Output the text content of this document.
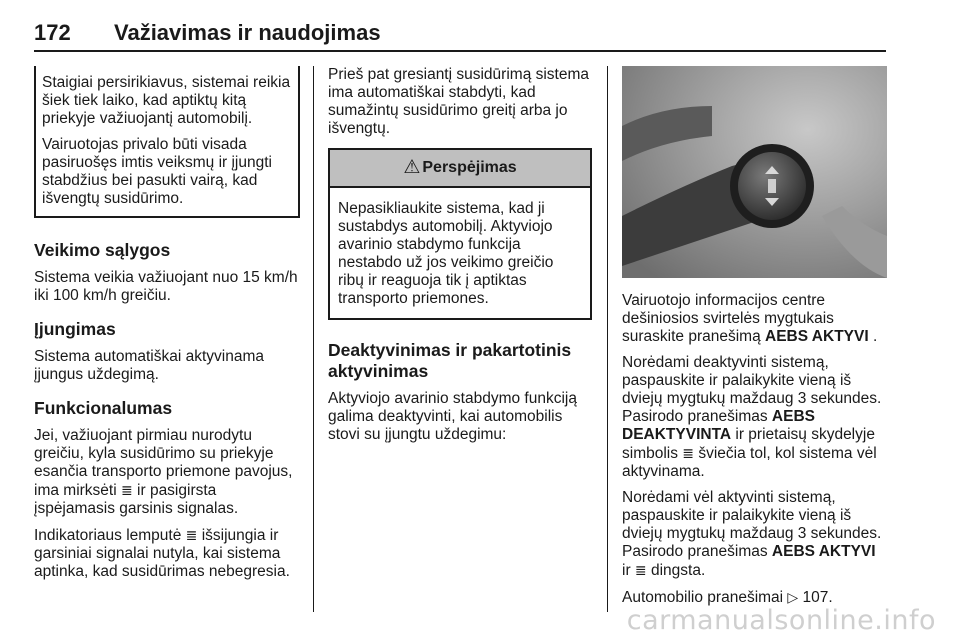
172 Važiavimas ir naudojimas

Staigiai persirikiavus, sistemai reikia šiek tiek laiko, kad aptiktų kitą priekyje važiuojantį automobilį.

Vairuotojas privalo būti visada pasiruošęs imtis veiksmų ir įjungti stabdžius bei pasukti vairą, kad išvengtų susidūrimo.

Veikimo sąlygos

Sistema veikia važiuojant nuo 15 km/h iki 100 km/h greičiu.

Įjungimas

Sistema automatiškai aktyvinama įjungus uždegimą.

Funkcionalumas

Jei, važiuojant pirmiau nurodytu greičiu, kyla susidūrimo su priekyje esančia transporto priemone pavojus, ima mirksėti ≣ ir pasigirsta įspėjamasis garsinis signalas.

Indikatoriaus lemputė ≣ išsijungia ir garsiniai signalai nutyla, kai sistema aptinka, kad susidūrimas nebegresia.

Prieš pat gresiantį susidūrimą sistema ima automatiškai stabdyti, kad sumažintų susidūrimo greitį arba jo išvengtų.

⚠ Perspėjimas
Nepasikliaukite sistema, kad ji sustabdys automobilį. Aktyviojo avarinio stabdymo funkcija nestabdo už jos veikimo greičio ribų ir reaguoja tik į aptiktas transporto priemones.
Deaktyvinimas ir pakartotinis aktyvinimas

Aktyviojo avarinio stabdymo funkciją galima deaktyvinti, kai automobilis stovi su įjungtu uždegimu:

Vairuotojo informacijos centre dešiniosios svirtelės mygtukais suraskite pranešimą AEBS AKTYVI .

Norėdami deaktyvinti sistemą, paspauskite ir palaikykite vieną iš dviejų mygtukų maždaug 3 sekundes. Pasirodo pranešimas AEBS DEAKTYVINTA ir prietaisų skydelyje simbolis ≣ šviečia tol, kol sistema vėl aktyvinama.

Norėdami vėl aktyvinti sistemą, paspauskite ir palaikykite vieną iš dviejų mygtukų maždaug 3 sekundes. Pasirodo pranešimas AEBS AKTYVI ir ≣ dingsta.

Automobilio pranešimai ▷ 107.

carmanualsonline.info
